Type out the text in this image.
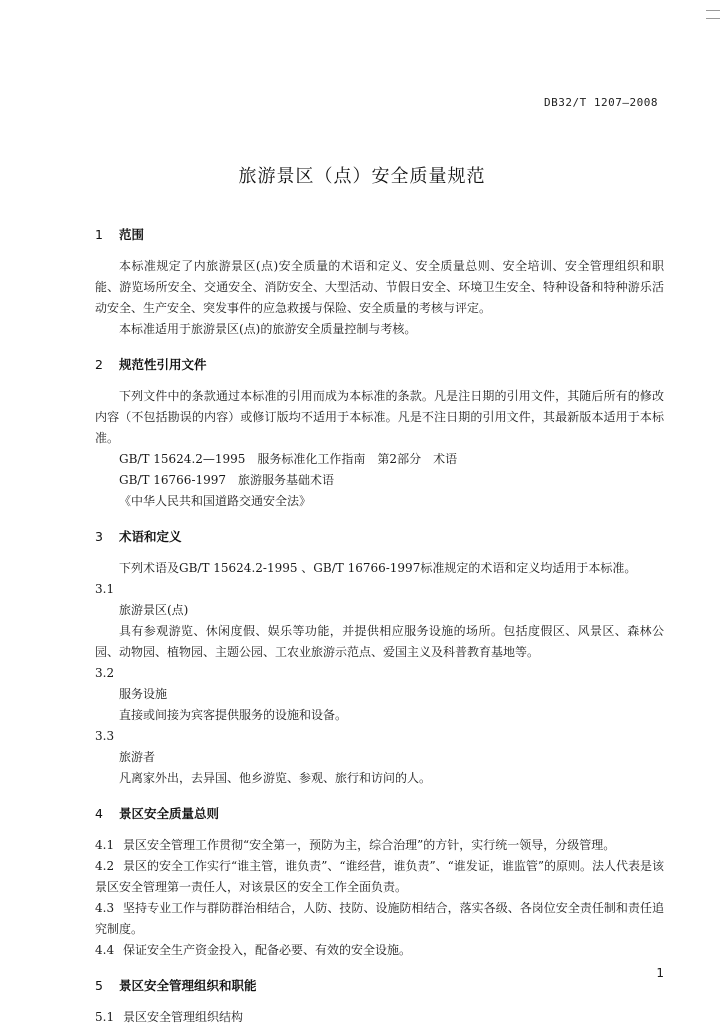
DB32/T 1207—2008
旅游景区（点）安全质量规范
1	范围

本标准规定了内旅游景区(点)安全质量的术语和定义、安全质量总则、安全培训、安全管理组织和职能、游览场所安全、交通安全、消防安全、大型活动、节假日安全、环境卫生安全、特种设备和特种游乐活动安全、生产安全、突发事件的应急救援与保险、安全质量的考核与评定。

本标准适用于旅游景区(点)的旅游安全质量控制与考核。

2	规范性引用文件

下列文件中的条款通过本标准的引用而成为本标准的条款。凡是注日期的引用文件，其随后所有的修改内容（不包括勘误的内容）或修订版均不适用于本标准。凡是不注日期的引用文件，其最新版本适用于本标准。

GB/T 15624.2—1995　服务标准化工作指南　第2部分　术语

GB/T 16766-1997　旅游服务基础术语

《中华人民共和国道路交通安全法》

3	术语和定义

下列术语及GB/T 15624.2-1995 、GB/T 16766-1997标准规定的术语和定义均适用于本标准。

3.1

旅游景区(点)

具有参观游览、休闲度假、娱乐等功能，并提供相应服务设施的场所。包括度假区、风景区、森林公园、动物园、植物园、主题公园、工农业旅游示范点、爱国主义及科普教育基地等。

3.2

服务设施

直接或间接为宾客提供服务的设施和设备。

3.3

旅游者

凡离家外出，去异国、他乡游览、参观、旅行和访问的人。

4	景区安全质量总则

4.1 景区安全管理工作贯彻“安全第一，预防为主，综合治理”的方针，实行统一领导，分级管理。

4.2 景区的安全工作实行“谁主管，谁负责”、“谁经营，谁负责”、“谁发证，谁监管”的原则。法人代表是该景区安全管理第一责任人，对该景区的安全工作全面负责。

4.3 坚持专业工作与群防群治相结合，人防、技防、设施防相结合，落实各级、各岗位安全责任制和责任追究制度。

4.4 保证安全生产资金投入，配备必要、有效的安全设施。

5	景区安全管理组织和职能

5.1 景区安全管理组织结构

1
